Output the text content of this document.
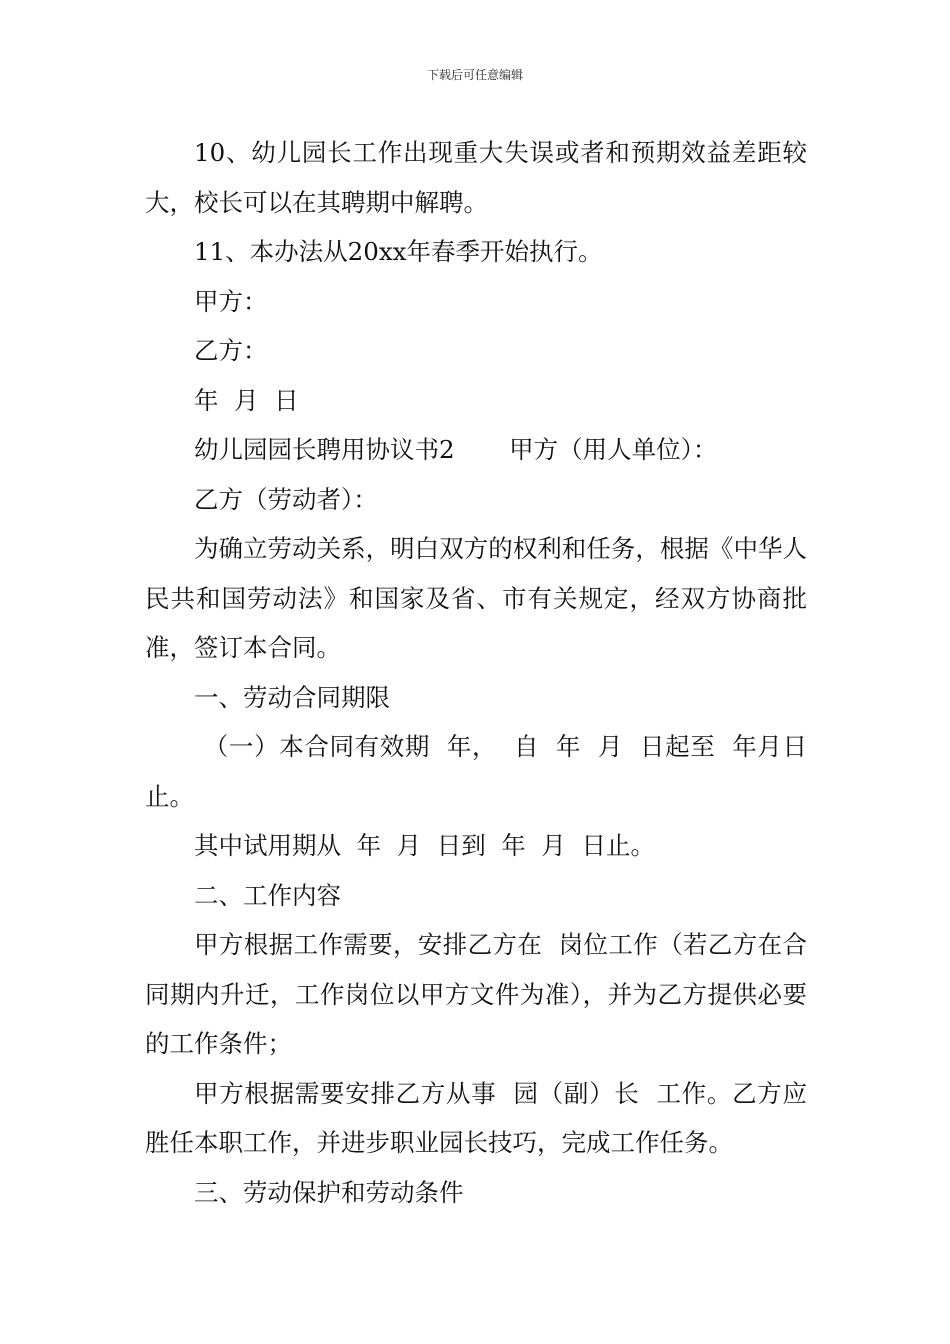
下载后可任意编辑

10、幼儿园长工作出现重大失误或者和预期效益差距较大，校长可以在其聘期中解聘。

11、本办法从20xx年春季开始执行。

甲方：

乙方：

年  月  日

幼儿园园长聘用协议书2       甲方（用人单位）：

乙方（劳动者）：

为确立劳动关系，明白双方的权利和任务，根据《中华人民共和国劳动法》和国家及省、市有关规定，经双方协商批准，签订本合同。

一、劳动合同期限

（一）本合同有效期  年，  自  年  月  日起至  年月日止。

其中试用期从  年  月  日到  年  月  日止。

二、工作内容

甲方根据工作需要，安排乙方在  岗位工作（若乙方在合同期内升迁，工作岗位以甲方文件为准），并为乙方提供必要的工作条件；

甲方根据需要安排乙方从事  园（副）长  工作。乙方应胜任本职工作，并进步职业园长技巧，完成工作任务。

三、劳动保护和劳动条件
